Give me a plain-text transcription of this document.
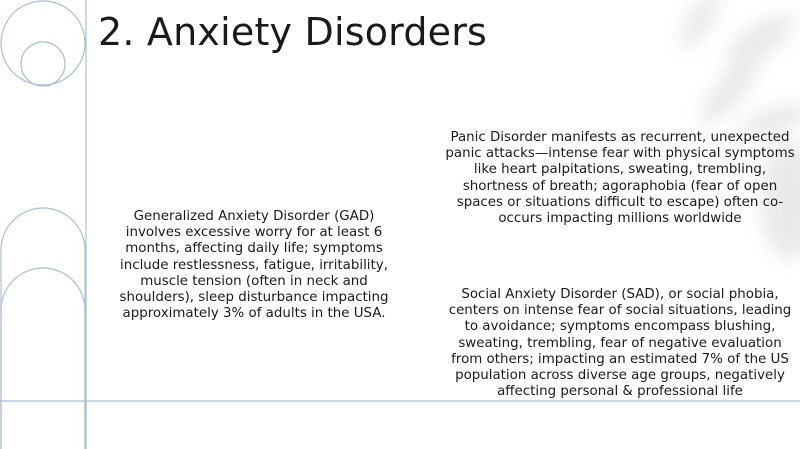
2. Anxiety Disorders
Generalized Anxiety Disorder (GAD) involves excessive worry for at least 6 months, affecting daily life; symptoms include restlessness, fatigue, irritability, muscle tension (often in neck and shoulders), sleep disturbance impacting approximately 3% of adults in the USA.
Panic Disorder manifests as recurrent, unexpected panic attacks—intense fear with physical symptoms like heart palpitations, sweating, trembling, shortness of breath; agoraphobia (fear of open spaces or situations difficult to escape) often co-occurs impacting millions worldwide
Social Anxiety Disorder (SAD), or social phobia, centers on intense fear of social situations, leading to avoidance; symptoms encompass blushing, sweating, trembling, fear of negative evaluation from others; impacting an estimated 7% of the US population across diverse age groups, negatively affecting personal & professional life
